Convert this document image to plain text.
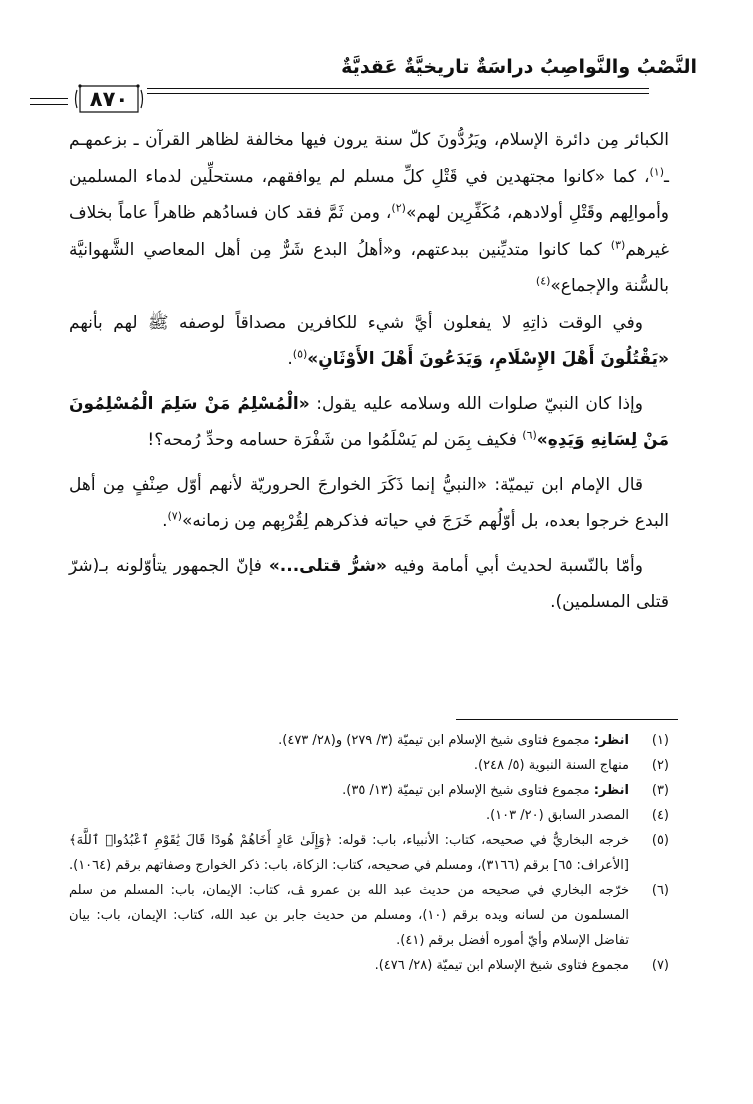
النَّصْبُ والنَّواصِبُ دراسَةٌ تاريخيَّةٌ عَقديَّةٌ
٨٧٠

الكبائر مِن دائرة الإسلام، ويَرُدُّونَ كلّ سنة يرون فيها مخالفة لظاهر القرآن ـ بزعمهـم ـ$^{(١)}$، كما «كانوا مجتهدين في قَتْلِ كلِّ مسلم لم يوافقهم، مستحلِّين لدماء المسلمين وأموالِهم وقَتْلِ أولادهم، مُكَفِّرِين لهم»$^{(٢)}$، ومن ثَمَّ فقد كان فسادُهم ظاهراً عاماً بخلاف غيرهم$^{(٣)}$ كما كانوا متديِّنين ببدعتهم، و«أهلُ البدع شَرٌّ مِن أهل المعاصي الشَّهوانيَّة بالسُّنة والإجماع»$^{(٤)}$

وفي الوقت ذاتِهِ لا يفعلون أيَّ شيء للكافرين مصداقاً لوصفه ﷺ لهم بأنهم «يَقْتُلُونَ أَهْلَ الإِسْلَامِ، وَيَدَعُونَ أَهْلَ الأَوْثَانِ»$^{(٥)}$.

وإذا كان النبيّ صلوات الله وسلامه عليه يقول: «الْمُسْلِمُ مَنْ سَلِمَ الْمُسْلِمُونَ مَنْ لِسَانِهِ وَيَدِهِ»$^{(٦)}$ فكيف بِمَن لم يَسْلَمُوا من شَفْرَة حسامه وحدِّ رُمحه؟!

قال الإمام ابن تيميّة: «النبيُّ إنما ذَكَرَ الخوارجَ الحروريّة لأنهم أوّل صِنْفٍ مِن أهل البدع خرجوا بعده، بل أوّلُهم خَرَجَ في حياته فذكرهم لِقُرْبِهم مِن زمانه»$^{(٧)}$.

وأمّا بالنّسبة لحديث أبي أمامة وفيه «شرُّ قتلى...» فإنّ الجمهور يتأوّلونه بـ(شرّ قتلى المسلمين).

(١)
انظر: مجموع فتاوى شيخ الإسلام ابن تيميّة (٣/ ٢٧٩) و(٢٨/ ٤٧٣).
(٢)
منهاج السنة النبوية (٥/ ٢٤٨).
(٣)
انظر: مجموع فتاوى شيخ الإسلام ابن تيميّة (١٣/ ٣٥).
(٤)
المصدر السابق (٢٠/ ١٠٣).
(٥)
خرجه البخاريُّ في صحيحه، كتاب: الأنبياء، باب: قوله: ﴿وَإِلَىٰ عَادٍ أَخَاهُمْ هُودًا قَالَ يَٰقَوْمِ ٱعْبُدُوا۟ ٱللَّهَ﴾ [الأعراف: ٦٥] برقم (٣١٦٦)، ومسلم في صحيحه، كتاب: الزكاة، باب: ذكر الخوارج وصفاتهم برقم (١٠٦٤).
(٦)
خرّجه البخاري في صحيحه من حديث عبد الله بن عمرو ﭫ، كتاب: الإيمان، باب: المسلم من سلم المسلمون من لسانه ويده برقم (١٠)، ومسلم من حديث جابر بن عبد الله، كتاب: الإيمان، باب: بيان تفاضل الإسلام وأيّ أموره أفضل برقم (٤١).
(٧)
مجموع فتاوى شيخ الإسلام ابن تيميّة (٢٨/ ٤٧٦).
